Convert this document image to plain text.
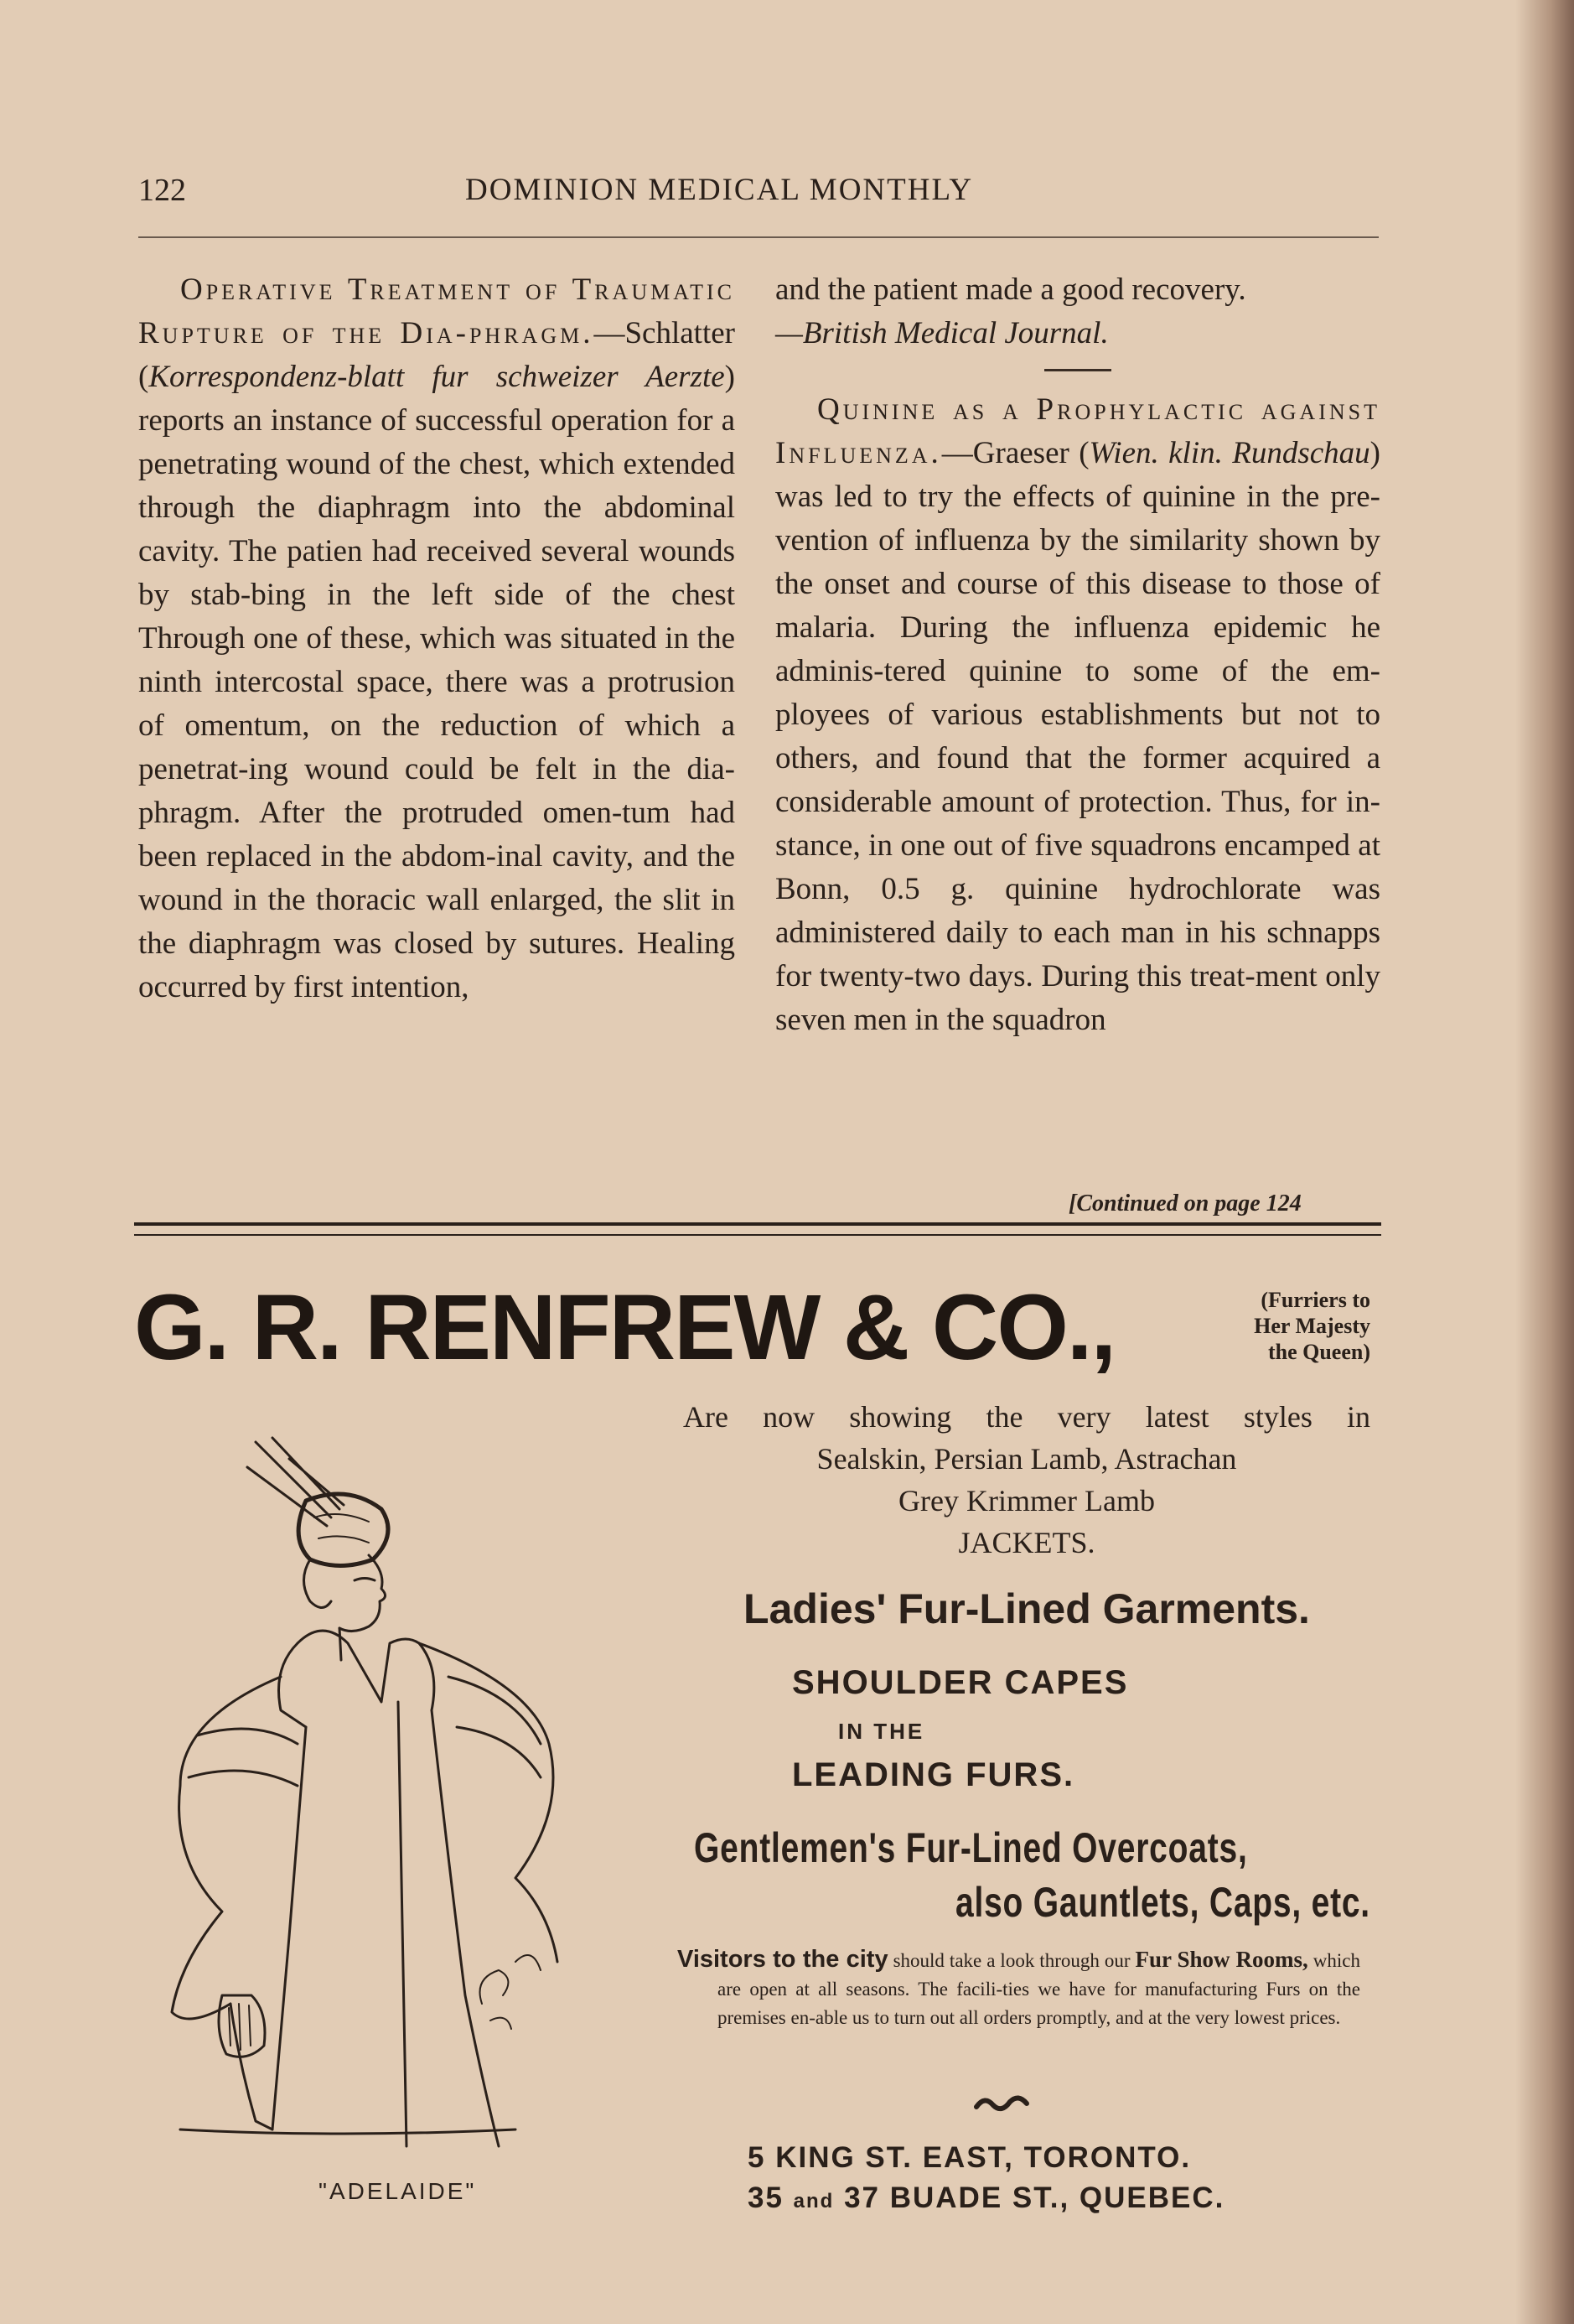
122	DOMINION MEDICAL MONTHLY

Operative Treatment of Traumatic Rupture of the Dia-phragm.—Schlatter (Korrespondenz-blatt fur schweizer Aerzte) reports an instance of successful operation for a penetrating wound of the chest, which extended through the diaphragm into the abdominal cavity. The patien had received several wounds by stab-bing in the left side of the chest Through one of these, which was situated in the ninth intercostal space, there was a protrusion of omentum, on the reduction of which a penetrat-ing wound could be felt in the dia-phragm. After the protruded omen-tum had been replaced in the abdom-inal cavity, and the wound in the thoracic wall enlarged, the slit in the diaphragm was closed by sutures. Healing occurred by first intention,

and the patient made a good recovery.

—British Medical Journal.

Quinine as a Prophylactic against Influenza.—Graeser (Wien. klin. Rundschau) was led to try the effects of quinine in the pre-vention of influenza by the similarity shown by the onset and course of this disease to those of malaria. During the influenza epidemic he adminis-tered quinine to some of the em-ployees of various establishments but not to others, and found that the former acquired a considerable amount of protection. Thus, for in-stance, in one out of five squadrons encamped at Bonn, 0.5 g. quinine hydrochlorate was administered daily to each man in his schnapps for twenty-two days. During this treat-ment only seven men in the squadron

[Continued on page 124
G. R. RENFREW & CO.,	(Furriers to
Her Majesty
the Queen)
"ADELAIDE"
Are now showing the very latest styles in
Sealskin, Persian Lamb, Astrachan
Grey Krimmer Lamb
JACKETS.
Ladies' Fur-Lined Garments.
SHOULDER CAPES
IN THE
LEADING FURS.
Gentlemen's Fur-Lined Overcoats,
also Gauntlets, Caps, etc.

Visitors to the city should take a look through our Fur Show Rooms, which are open at all seasons. The facili-ties we have for manufacturing Furs on the premises en-able us to turn out all orders promptly, and at the very lowest prices.

5 KING ST. EAST, TORONTO.
35 and 37 BUADE ST., QUEBEC.
